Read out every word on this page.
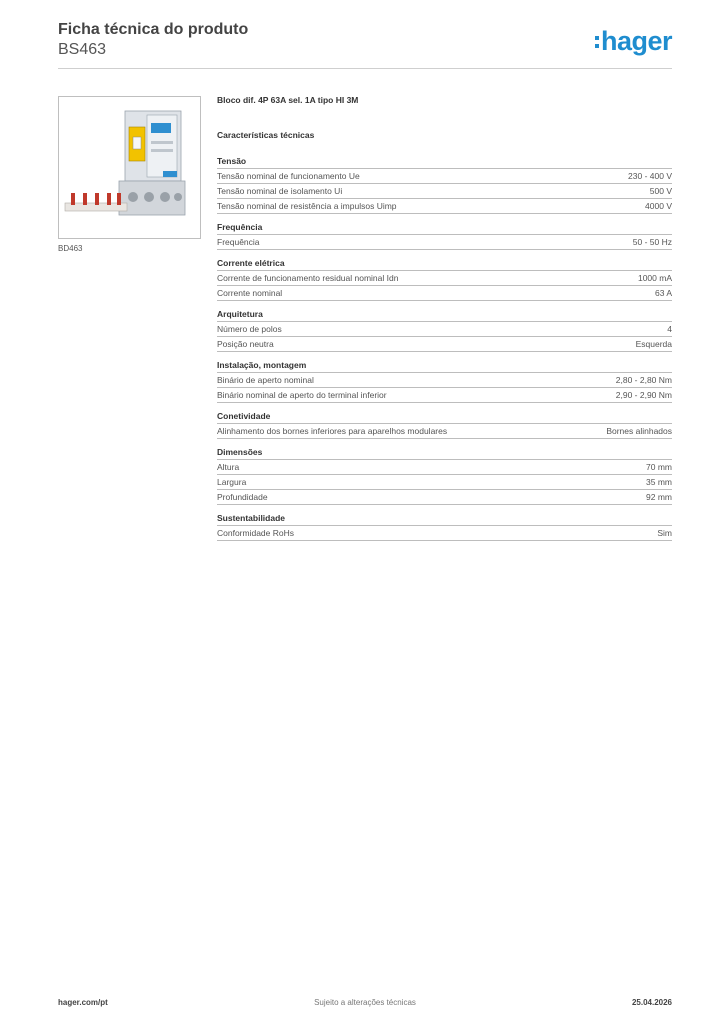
Ficha técnica do produto
BS463	hager
BD463
Bloco dif. 4P 63A sel. 1A tipo HI 3M
Características técnicas
Tensão
Tensão nominal de funcionamento Ue	230 - 400 V
Tensão nominal de isolamento Ui	500 V
Tensão nominal de resistência a impulsos Uimp	4000 V
Frequência
Frequência	50 - 50 Hz
Corrente elétrica
Corrente de funcionamento residual nominal Idn	1000 mA
Corrente nominal	63 A
Arquitetura
Número de polos	4
Posição neutra	Esquerda
Instalação, montagem
Binário de aperto nominal	2,80 - 2,80 Nm
Binário nominal de aperto do terminal inferior	2,90 - 2,90 Nm
Conetividade
Alinhamento dos bornes inferiores para aparelhos modulares	Bornes alinhados
Dimensões
Altura	70 mm
Largura	35 mm
Profundidade	92 mm
Sustentabilidade
Conformidade RoHs	Sim
Sujeito a alterações técnicas
hager.com/pt	25.04.2026
